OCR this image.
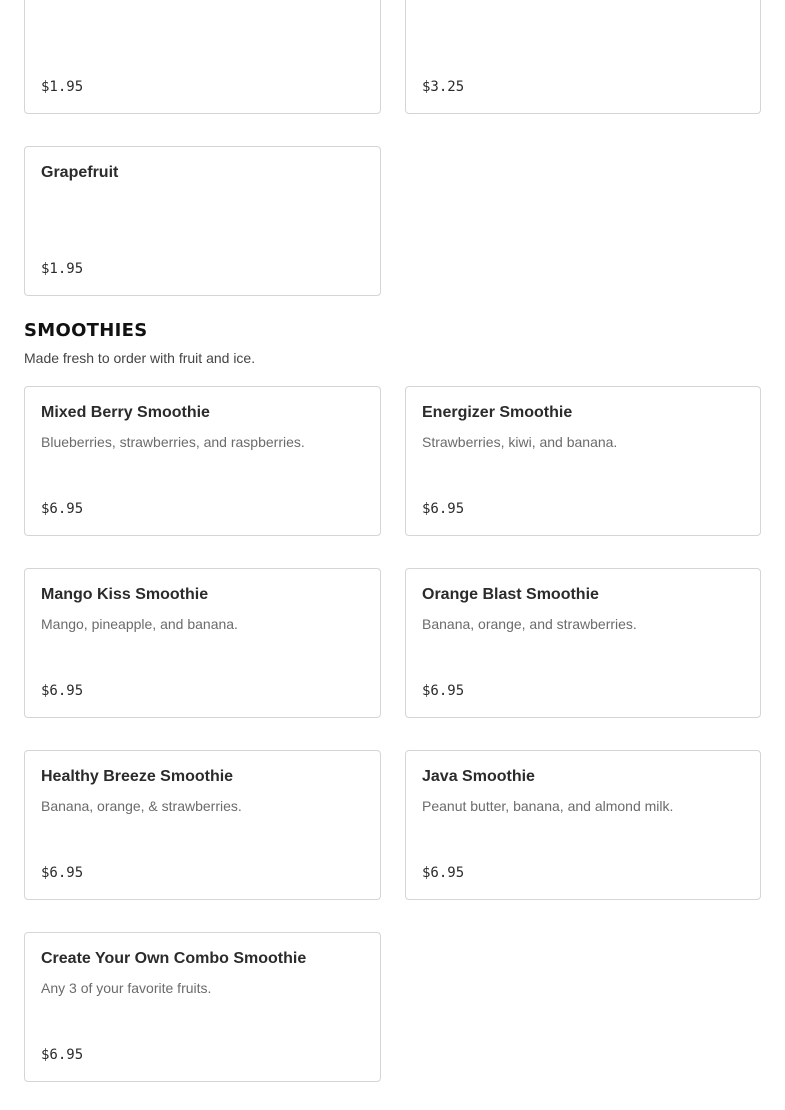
$1.95	$3.25
Grapefruit
$1.95
SMOOTHIES
Made fresh to order with fruit and ice.
Mixed Berry Smoothie
Blueberries, strawberries, and raspberries.
$6.95
Energizer Smoothie
Strawberries, kiwi, and banana.
$6.95
Mango Kiss Smoothie
Mango, pineapple, and banana.
$6.95
Orange Blast Smoothie
Banana, orange, and strawberries.
$6.95
Healthy Breeze Smoothie
Banana, orange, & strawberries.
$6.95
Java Smoothie
Peanut butter, banana, and almond milk.
$6.95
Create Your Own Combo Smoothie
Any 3 of your favorite fruits.
$6.95
